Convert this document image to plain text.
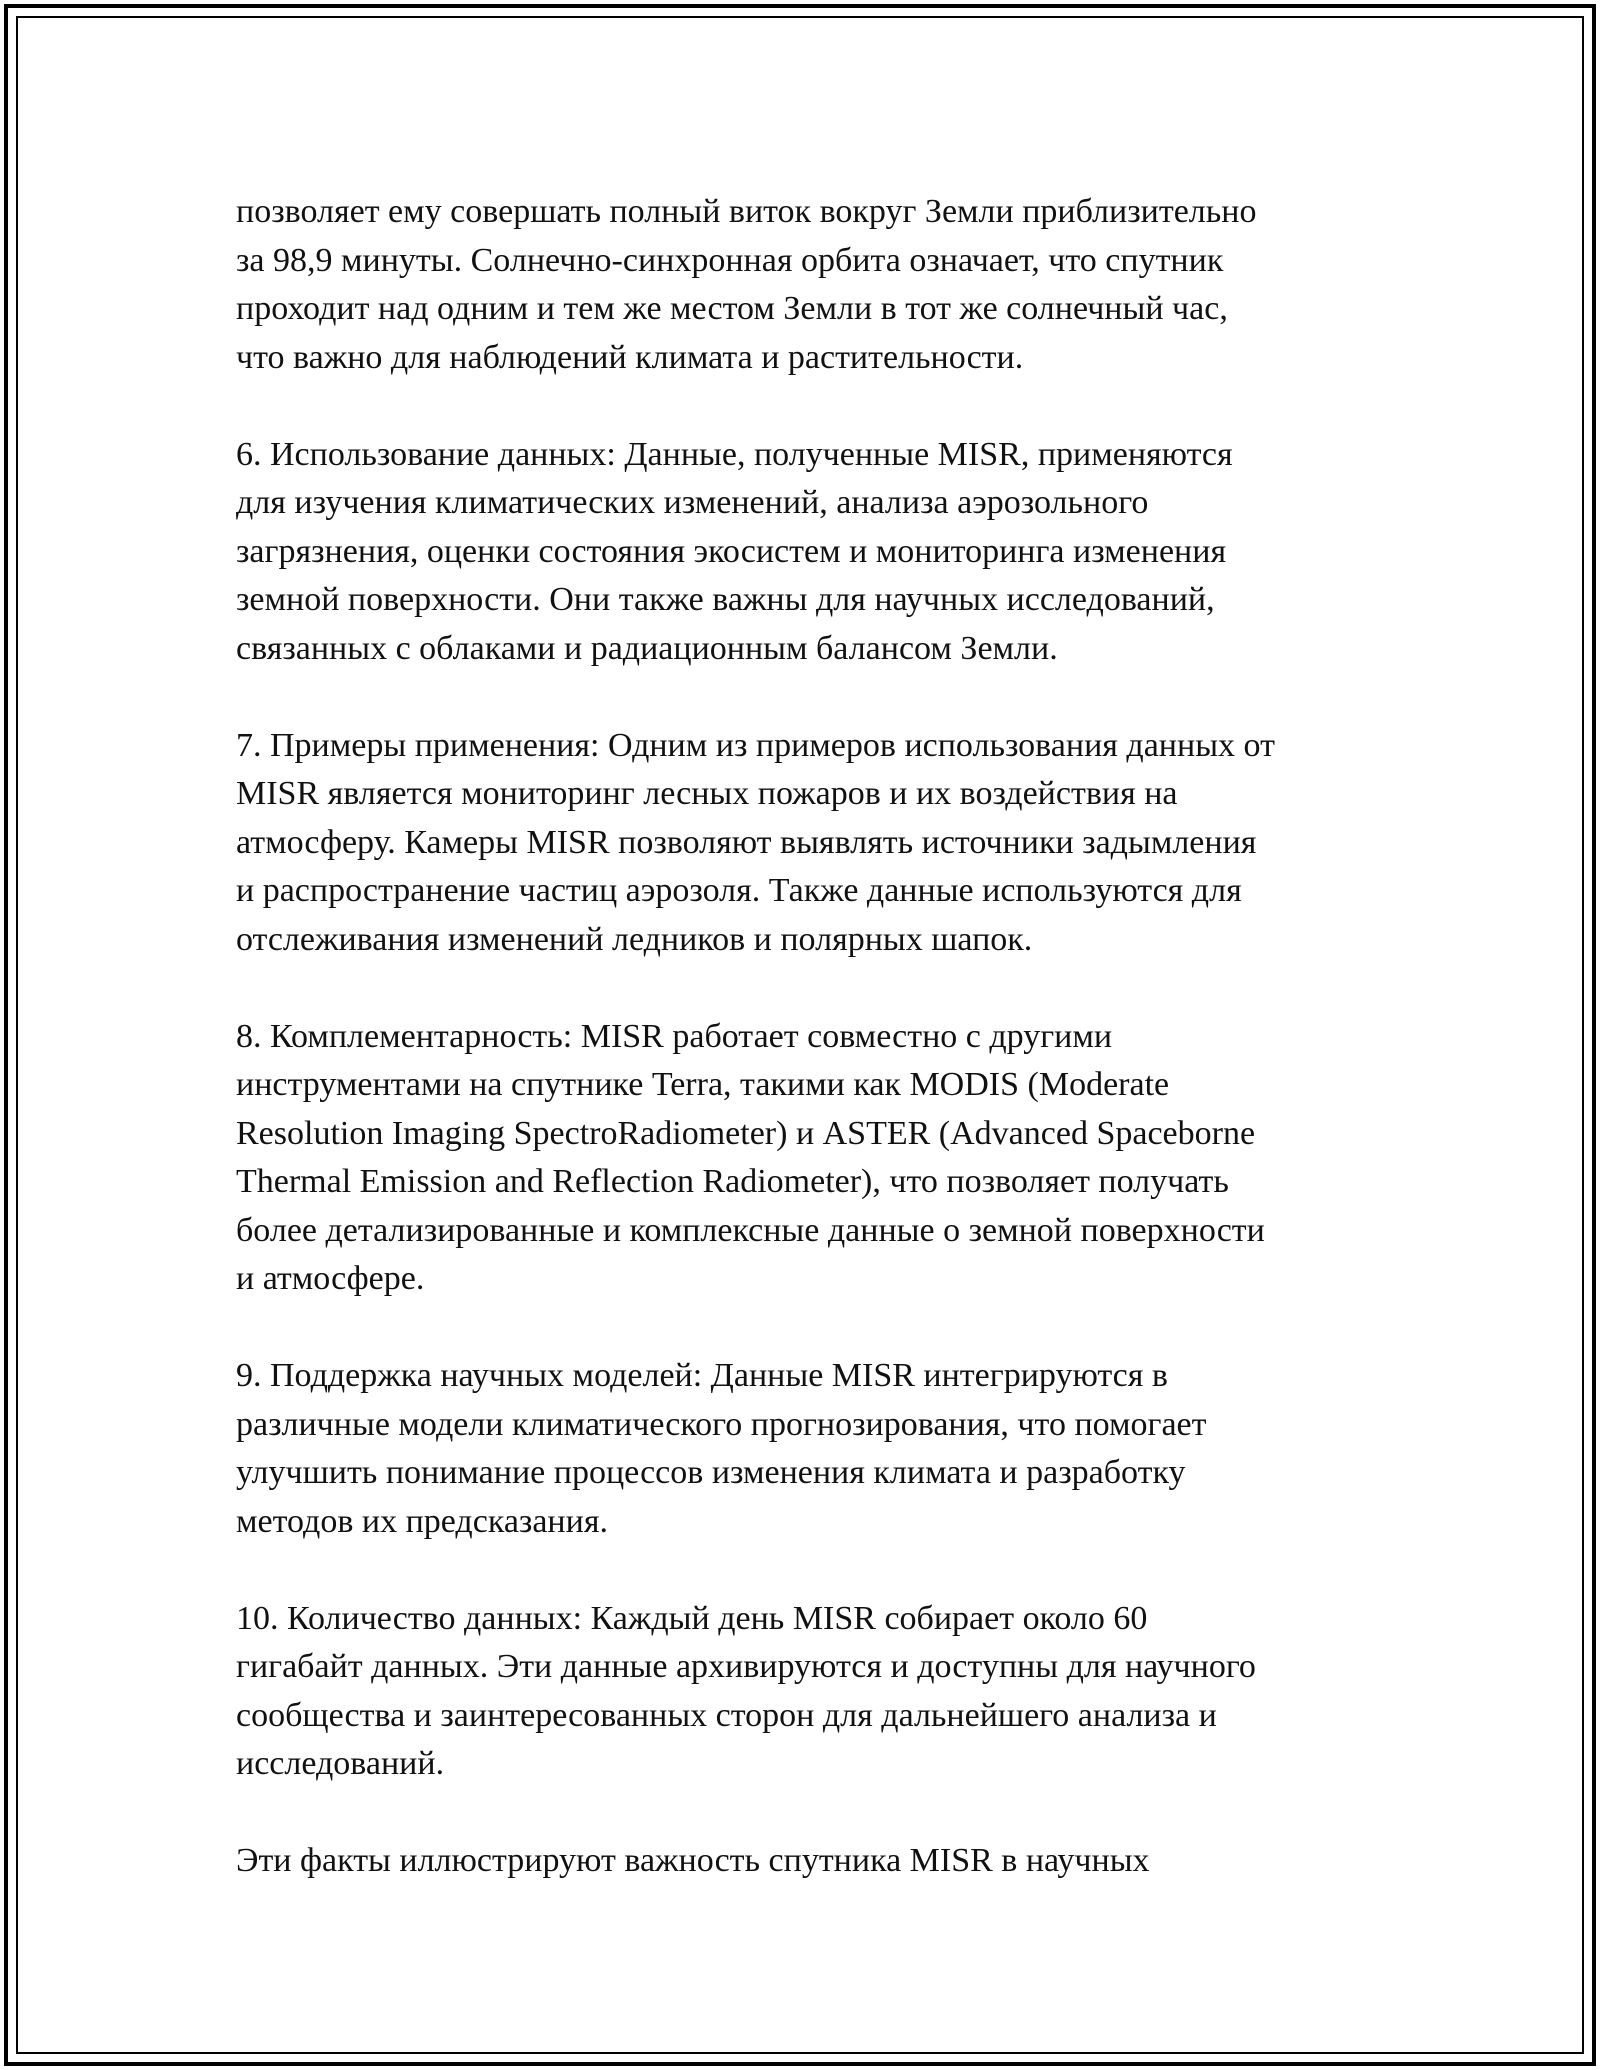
позволяет ему совершать полный виток вокруг Земли приблизительно
за 98,9 минуты. Солнечно-синхронная орбита означает, что спутник
проходит над одним и тем же местом Земли в тот же солнечный час,
что важно для наблюдений климата и растительности.
6. Использование данных: Данные, полученные MISR, применяются
для изучения климатических изменений, анализа аэрозольного
загрязнения, оценки состояния экосистем и мониторинга изменения
земной поверхности. Они также важны для научных исследований,
связанных с облаками и радиационным балансом Земли.
7. Примеры применения: Одним из примеров использования данных от
MISR является мониторинг лесных пожаров и их воздействия на
атмосферу. Камеры MISR позволяют выявлять источники задымления
и распространение частиц аэрозоля. Также данные используются для
отслеживания изменений ледников и полярных шапок.
8. Комплементарность: MISR работает совместно с другими
инструментами на спутнике Terra, такими как MODIS (Moderate
Resolution Imaging SpectroRadiometer) и ASTER (Advanced Spaceborne
Thermal Emission and Reflection Radiometer), что позволяет получать
более детализированные и комплексные данные о земной поверхности
и атмосфере.
9. Поддержка научных моделей: Данные MISR интегрируются в
различные модели климатического прогнозирования, что помогает
улучшить понимание процессов изменения климата и разработку
методов их предсказания.
10. Количество данных: Каждый день MISR собирает около 60
гигабайт данных. Эти данные архивируются и доступны для научного
сообщества и заинтересованных сторон для дальнейшего анализа и
исследований.
Эти факты иллюстрируют важность спутника MISR в научных
